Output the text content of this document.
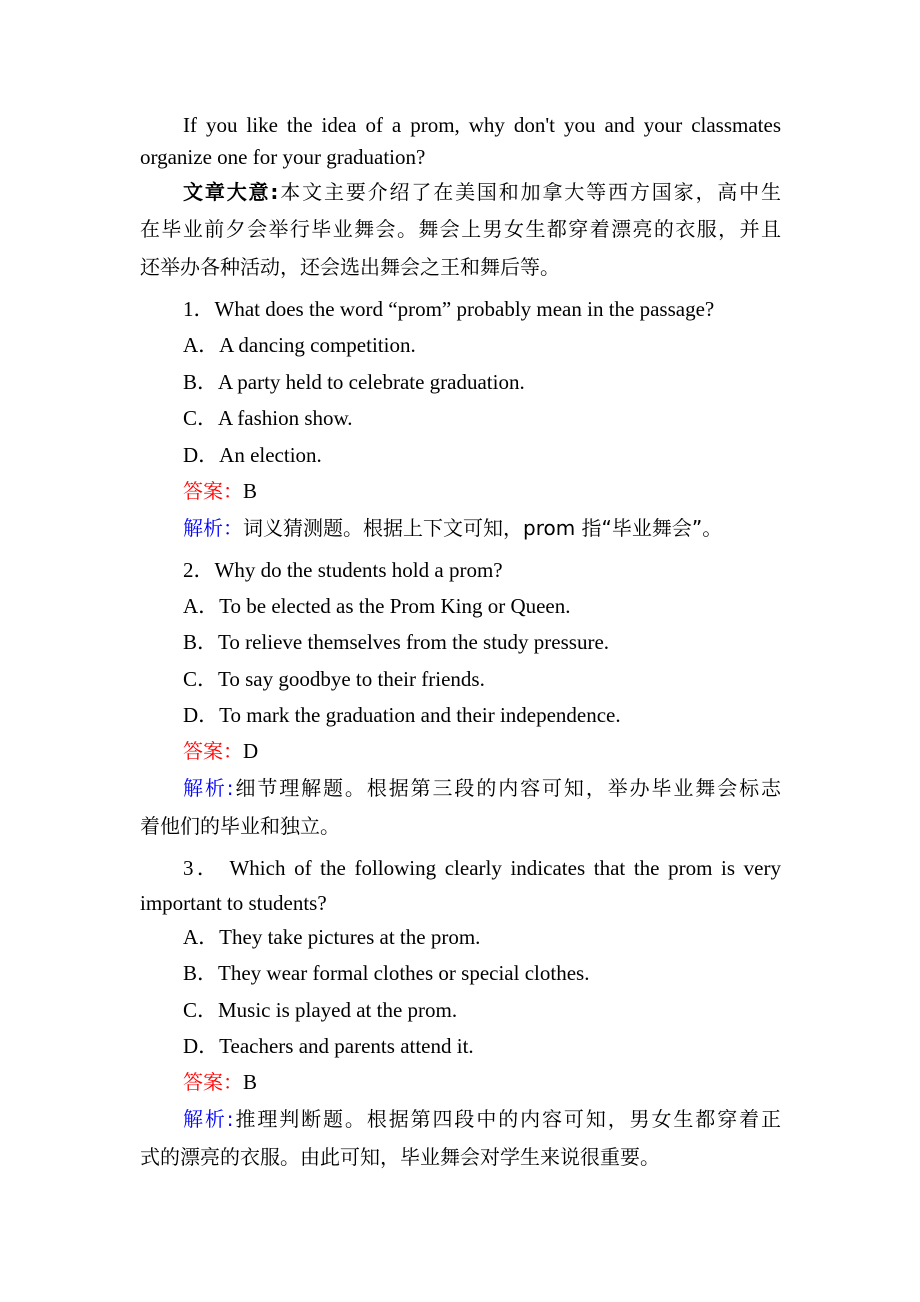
If you like the idea of a prom, why don't you and your classmates
organize one for your graduation?
文章大意:本文主要介绍了在美国和加拿大等西方国家，高中生
在毕业前夕会举行毕业舞会。舞会上男女生都穿着漂亮的衣服，并且
还举办各种活动，还会选出舞会之王和舞后等。
1．What does the word “prom” probably mean in the passage?
A．A dancing competition.
B．A party held to celebrate graduation.
C．A fashion show.
D．An election.
答案：B
解析：词义猜测题。根据上下文可知，prom 指“毕业舞会”。
2．Why do the students hold a prom?
A．To be elected as the Prom King or Queen.
B．To relieve themselves from the study pressure.
C．To say goodbye to their friends.
D．To mark the graduation and their independence.
答案：D
解析:细节理解题。根据第三段的内容可知，举办毕业舞会标志
着他们的毕业和独立。
3． Which of the following clearly indicates that the prom is very
important to students?
A．They take pictures at the prom.
B．They wear formal clothes or special clothes.
C．Music is played at the prom.
D．Teachers and parents attend it.
答案：B
解析:推理判断题。根据第四段中的内容可知，男女生都穿着正
式的漂亮的衣服。由此可知，毕业舞会对学生来说很重要。
